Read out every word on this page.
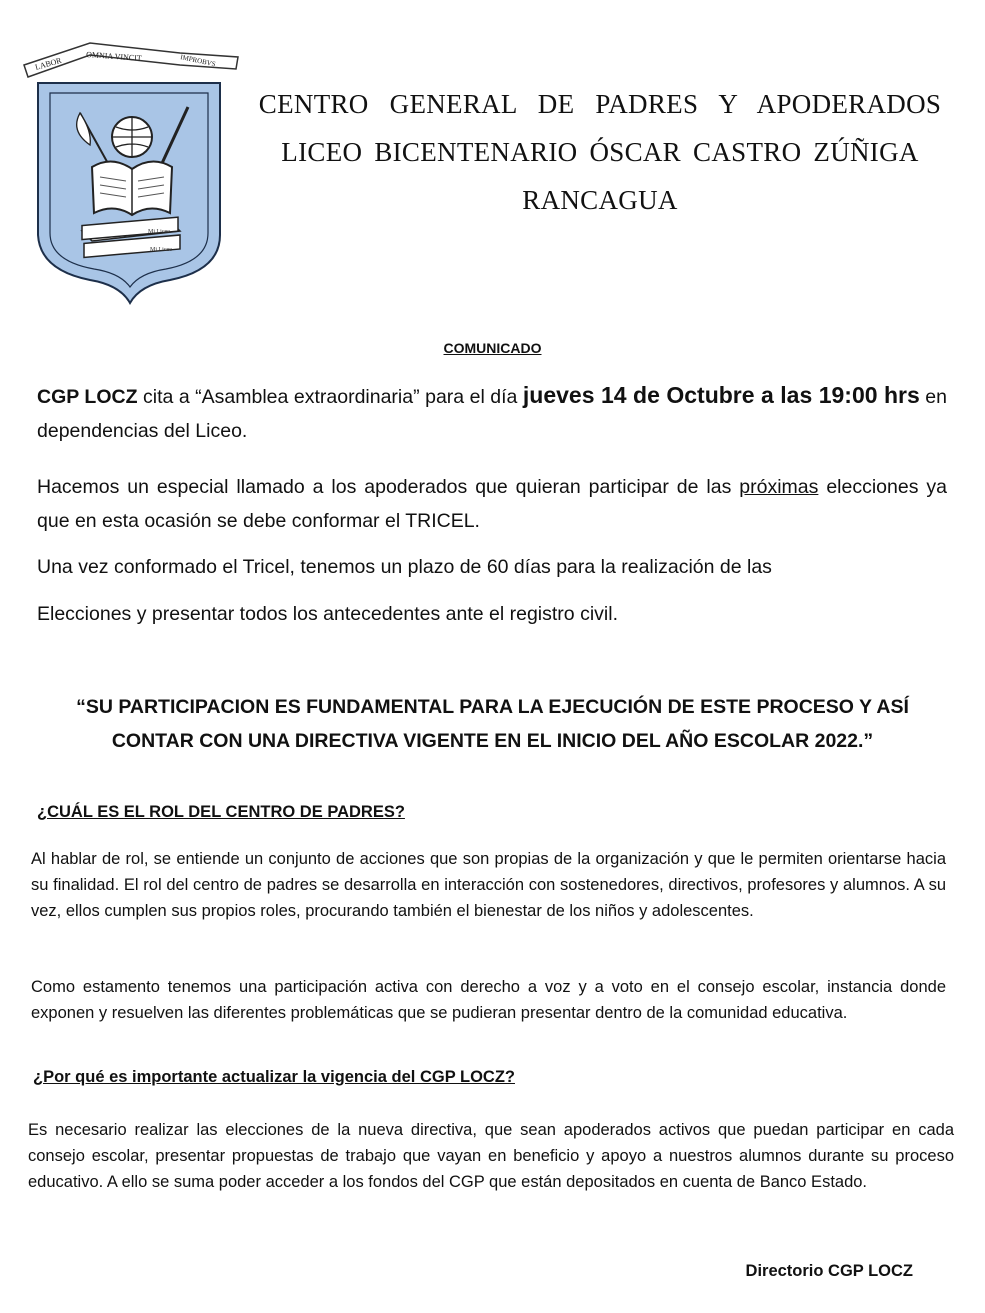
LABOR	OMNIA VINCIT	IMPROBVS
Mi Liceo
Mi Liceo
CENTRO GENERAL DE PADRES Y APODERADOS
LICEO BICENTENARIO ÓSCAR CASTRO ZÚÑIGA
RANCAGUA
COMUNICADO

CGP LOCZ cita a “Asamblea extraordinaria” para el día jueves 14 de Octubre a las 19:00 hrs en dependencias del Liceo.

Hacemos un especial llamado a los apoderados que quieran participar de las próximas elecciones ya que en esta ocasión se debe conformar el TRICEL.

Una vez conformado el Tricel, tenemos un plazo de 60 días para la realización de las

Elecciones y presentar todos los antecedentes ante el registro civil.

“SU PARTICIPACION ES FUNDAMENTAL PARA LA EJECUCIÓN DE ESTE PROCESO Y ASÍ CONTAR CON UNA DIRECTIVA VIGENTE EN EL INICIO DEL AÑO ESCOLAR 2022.”

¿CUÁL ES EL ROL DEL CENTRO DE PADRES?

Al hablar de rol, se entiende un conjunto de acciones que son propias de la organización y que le permiten orientarse hacia su finalidad. El rol del centro de padres se desarrolla en interacción con sostenedores, directivos, profesores y alumnos. A su vez, ellos cumplen sus propios roles, procurando también el bienestar de los niños y adolescentes.

Como estamento tenemos una participación activa con derecho a voz y a voto en el consejo escolar, instancia donde exponen y resuelven las diferentes problemáticas que se pudieran presentar dentro de la comunidad educativa.

¿Por qué es importante actualizar la vigencia del CGP LOCZ?

Es necesario realizar las elecciones de la nueva directiva, que sean apoderados activos que puedan participar en cada consejo escolar, presentar propuestas de trabajo que vayan en beneficio y apoyo a nuestros alumnos durante su proceso educativo. A ello se suma poder acceder a los fondos del CGP que están depositados en cuenta de Banco Estado.

Directorio CGP LOCZ
